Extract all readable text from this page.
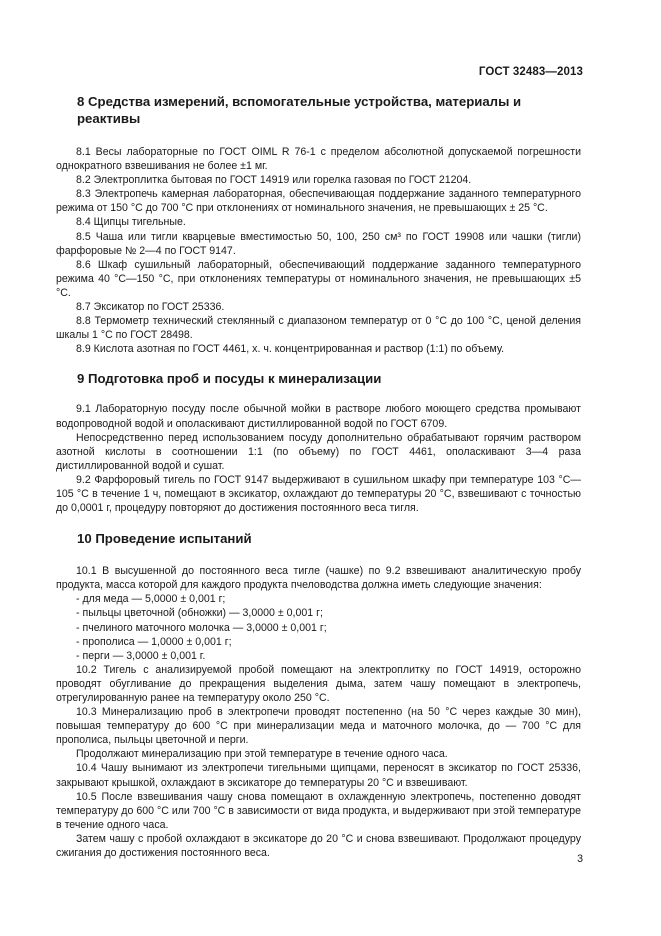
ГОСТ 32483—2013
8 Средства измерений, вспомогательные устройства, материалы и реактивы

8.1 Весы лабораторные по ГОСТ OIML R 76-1 с пределом абсолютной допускаемой погрешности однократного взвешивания не более ±1 мг.

8.2 Электроплитка бытовая по ГОСТ 14919 или горелка газовая по ГОСТ 21204.

8.3 Электропечь камерная лабораторная, обеспечивающая поддержание заданного температурного режима от 150 °С до 700 °С при отклонениях от номинального значения, не превышающих ± 25 °С.

8.4 Щипцы тигельные.

8.5 Чаша или тигли кварцевые вместимостью 50, 100, 250 см³ по ГОСТ 19908 или чашки (тигли) фарфоровые № 2—4 по ГОСТ 9147.

8.6 Шкаф сушильный лабораторный, обеспечивающий поддержание заданного температурного режима 40 °С—150 °С, при отклонениях температуры от номинального значения, не превышающих ±5 °С.

8.7 Эксикатор по ГОСТ 25336.

8.8 Термометр технический стеклянный с диапазоном температур от 0 °С до 100 °С, ценой деления шкалы 1 °С по ГОСТ 28498.

8.9 Кислота азотная по ГОСТ 4461, х. ч. концентрированная и раствор (1:1) по объему.

9 Подготовка проб и посуды к минерализации

9.1 Лабораторную посуду после обычной мойки в растворе любого моющего средства промывают водопроводной водой и ополаскивают дистиллированной водой по ГОСТ 6709.

Непосредственно перед использованием посуду дополнительно обрабатывают горячим раствором азотной кислоты в соотношении 1:1 (по объему) по ГОСТ 4461, ополаскивают 3—4 раза дистиллированной водой и сушат.

9.2 Фарфоровый тигель по ГОСТ 9147 выдерживают в сушильном шкафу при температуре 103 °С—105 °С в течение 1 ч, помещают в эксикатор, охлаждают до температуры 20 °С, взвешивают с точностью до 0,0001 г, процедуру повторяют до достижения постоянного веса тигля.

10 Проведение испытаний

10.1 В высушенной до постоянного веса тигле (чашке) по 9.2 взвешивают аналитическую пробу продукта, масса которой для каждого продукта пчеловодства должна иметь следующие значения:

- для меда — 5,0000 ± 0,001 г;
- пыльцы цветочной (обножки) — 3,0000 ± 0,001 г;
- пчелиного маточного молочка — 3,0000 ± 0,001 г;
- прополиса — 1,0000 ± 0,001 г;
- перги — 3,0000 ± 0,001 г.

10.2 Тигель с анализируемой пробой помещают на электроплитку по ГОСТ 14919, осторожно проводят обугливание до прекращения выделения дыма, затем чашу помещают в электропечь, отрегулированную ранее на температуру около 250 °С.

10.3 Минерализацию проб в электропечи проводят постепенно (на 50 °С через каждые 30 мин), повышая температуру до 600 °С при минерализации меда и маточного молочка, до — 700 °С для прополиса, пыльцы цветочной и перги.

Продолжают минерализацию при этой температуре в течение одного часа.

10.4 Чашу вынимают из электропечи тигельными щипцами, переносят в эксикатор по ГОСТ 25336, закрывают крышкой, охлаждают в эксикаторе до температуры 20 °С и взвешивают.

10.5 После взвешивания чашу снова помещают в охлажденную электропечь, постепенно доводят температуру до 600 °С или 700 °С в зависимости от вида продукта, и выдерживают при этой температуре в течение одного часа.

Затем чашу с пробой охлаждают в эксикаторе до 20 °С и снова взвешивают. Продолжают процедуру сжигания до достижения постоянного веса.	3
